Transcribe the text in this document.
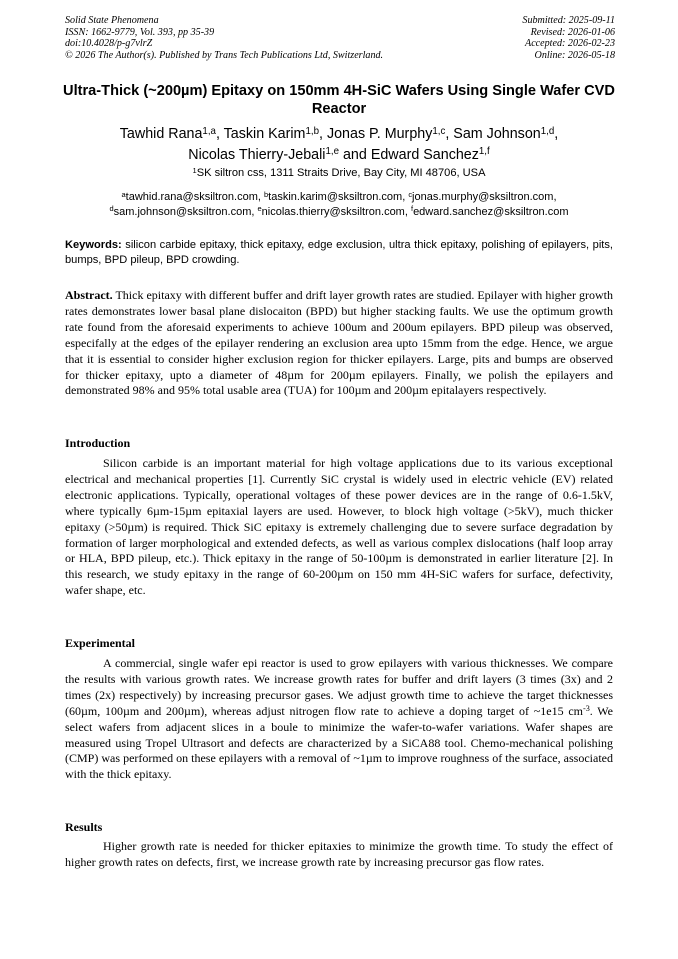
Solid State Phenomena
ISSN: 1662-9779, Vol. 393, pp 35-39
doi:10.4028/p-g7vlrZ
© 2026 The Author(s). Published by Trans Tech Publications Ltd, Switzerland.
Submitted: 2025-09-11
Revised: 2026-01-06
Accepted: 2026-02-23
Online: 2026-05-18
Ultra-Thick (~200µm) Epitaxy on 150mm 4H-SiC Wafers Using Single Wafer CVD Reactor
Tawhid Rana$^{1,a}$, Taskin Karim$^{1,b}$, Jonas P. Murphy$^{1,c}$, Sam Johnson$^{1,d}$,
Nicolas Thierry-Jebali$^{1,e}$ and Edward Sanchez$^{1,f}$
$^1$SK siltron css, 1311 Straits Drive, Bay City, MI 48706, USA
$^a$tawhid.rana@sksiltron.com, $^b$taskin.karim@sksiltron.com, $^c$jonas.murphy@sksiltron.com,
$^d$sam.johnson@sksiltron.com, $^e$nicolas.thierry@sksiltron.com, $^f$edward.sanchez@sksiltron.com
Keywords: silicon carbide epitaxy, thick epitaxy, edge exclusion, ultra thick epitaxy, polishing of epilayers, pits, bumps, BPD pileup, BPD crowding.
Abstract. Thick epitaxy with different buffer and drift layer growth rates are studied. Epilayer with higher growth rates demonstrates lower basal plane dislocaiton (BPD) but higher stacking faults. We use the optimum growth rate found from the aforesaid experiments to achieve 100um and 200um epilayers. BPD pileup was observed, especifally at the edges of the epilayer rendering an exclusion area upto 15mm from the edge. Hence, we argue that it is essential to consider higher exclusion region for thicker epilayers. Large, pits and bumps are observed for thicker epitaxy, upto a diameter of 48µm for 200µm epilayers. Finally, we polish the epilayers and demonstrated 98% and 95% total usable area (TUA) for 100µm and 200µm epitalayers respectively.
Introduction
Silicon carbide is an important material for high voltage applications due to its various exceptional electrical and mechanical properties [1]. Currently SiC crystal is widely used in electric vehicle (EV) related electronic applications. Typically, operational voltages of these power devices are in the range of 0.6-1.5kV, where typically 6µm-15µm epitaxial layers are used. However, to block high voltage (>5kV), much thicker epitaxy (>50µm) is required. Thick SiC epitaxy is extremely challenging due to severe surface degradation by formation of larger morphological and extended defects, as well as various complex dislocations (half loop array or HLA, BPD pileup, etc.). Thick epitaxy in the range of 50-100µm is demonstrated in earlier literature [2]. In this research, we study epitaxy in the range of 60-200µm on 150 mm 4H-SiC wafers for surface, defectivity, wafer shape, etc.
Experimental
A commercial, single wafer epi reactor is used to grow epilayers with various thicknesses. We compare the results with various growth rates. We increase growth rates for buffer and drift layers (3 times (3x) and 2 times (2x) respectively) by increasing precursor gases. We adjust growth time to achieve the target thicknesses (60µm, 100µm and 200µm), whereas adjust nitrogen flow rate to achieve a doping target of ~1e15 $cm^{-3}$. We select wafers from adjacent slices in a boule to minimize the wafer-to-wafer variations. Wafer shapes are measured using Tropel Ultrasort and defects are characterized by a SiCA88 tool. Chemo-mechanical polishing (CMP) was performed on these epilayers with a removal of ~1µm to improve roughness of the surface, associated with the thick epitaxy.
Results
Higher growth rate is needed for thicker epitaxies to minimize the growth time. To study the effect of higher growth rates on defects, first, we increase growth rate by increasing precursor gas flow rates.
